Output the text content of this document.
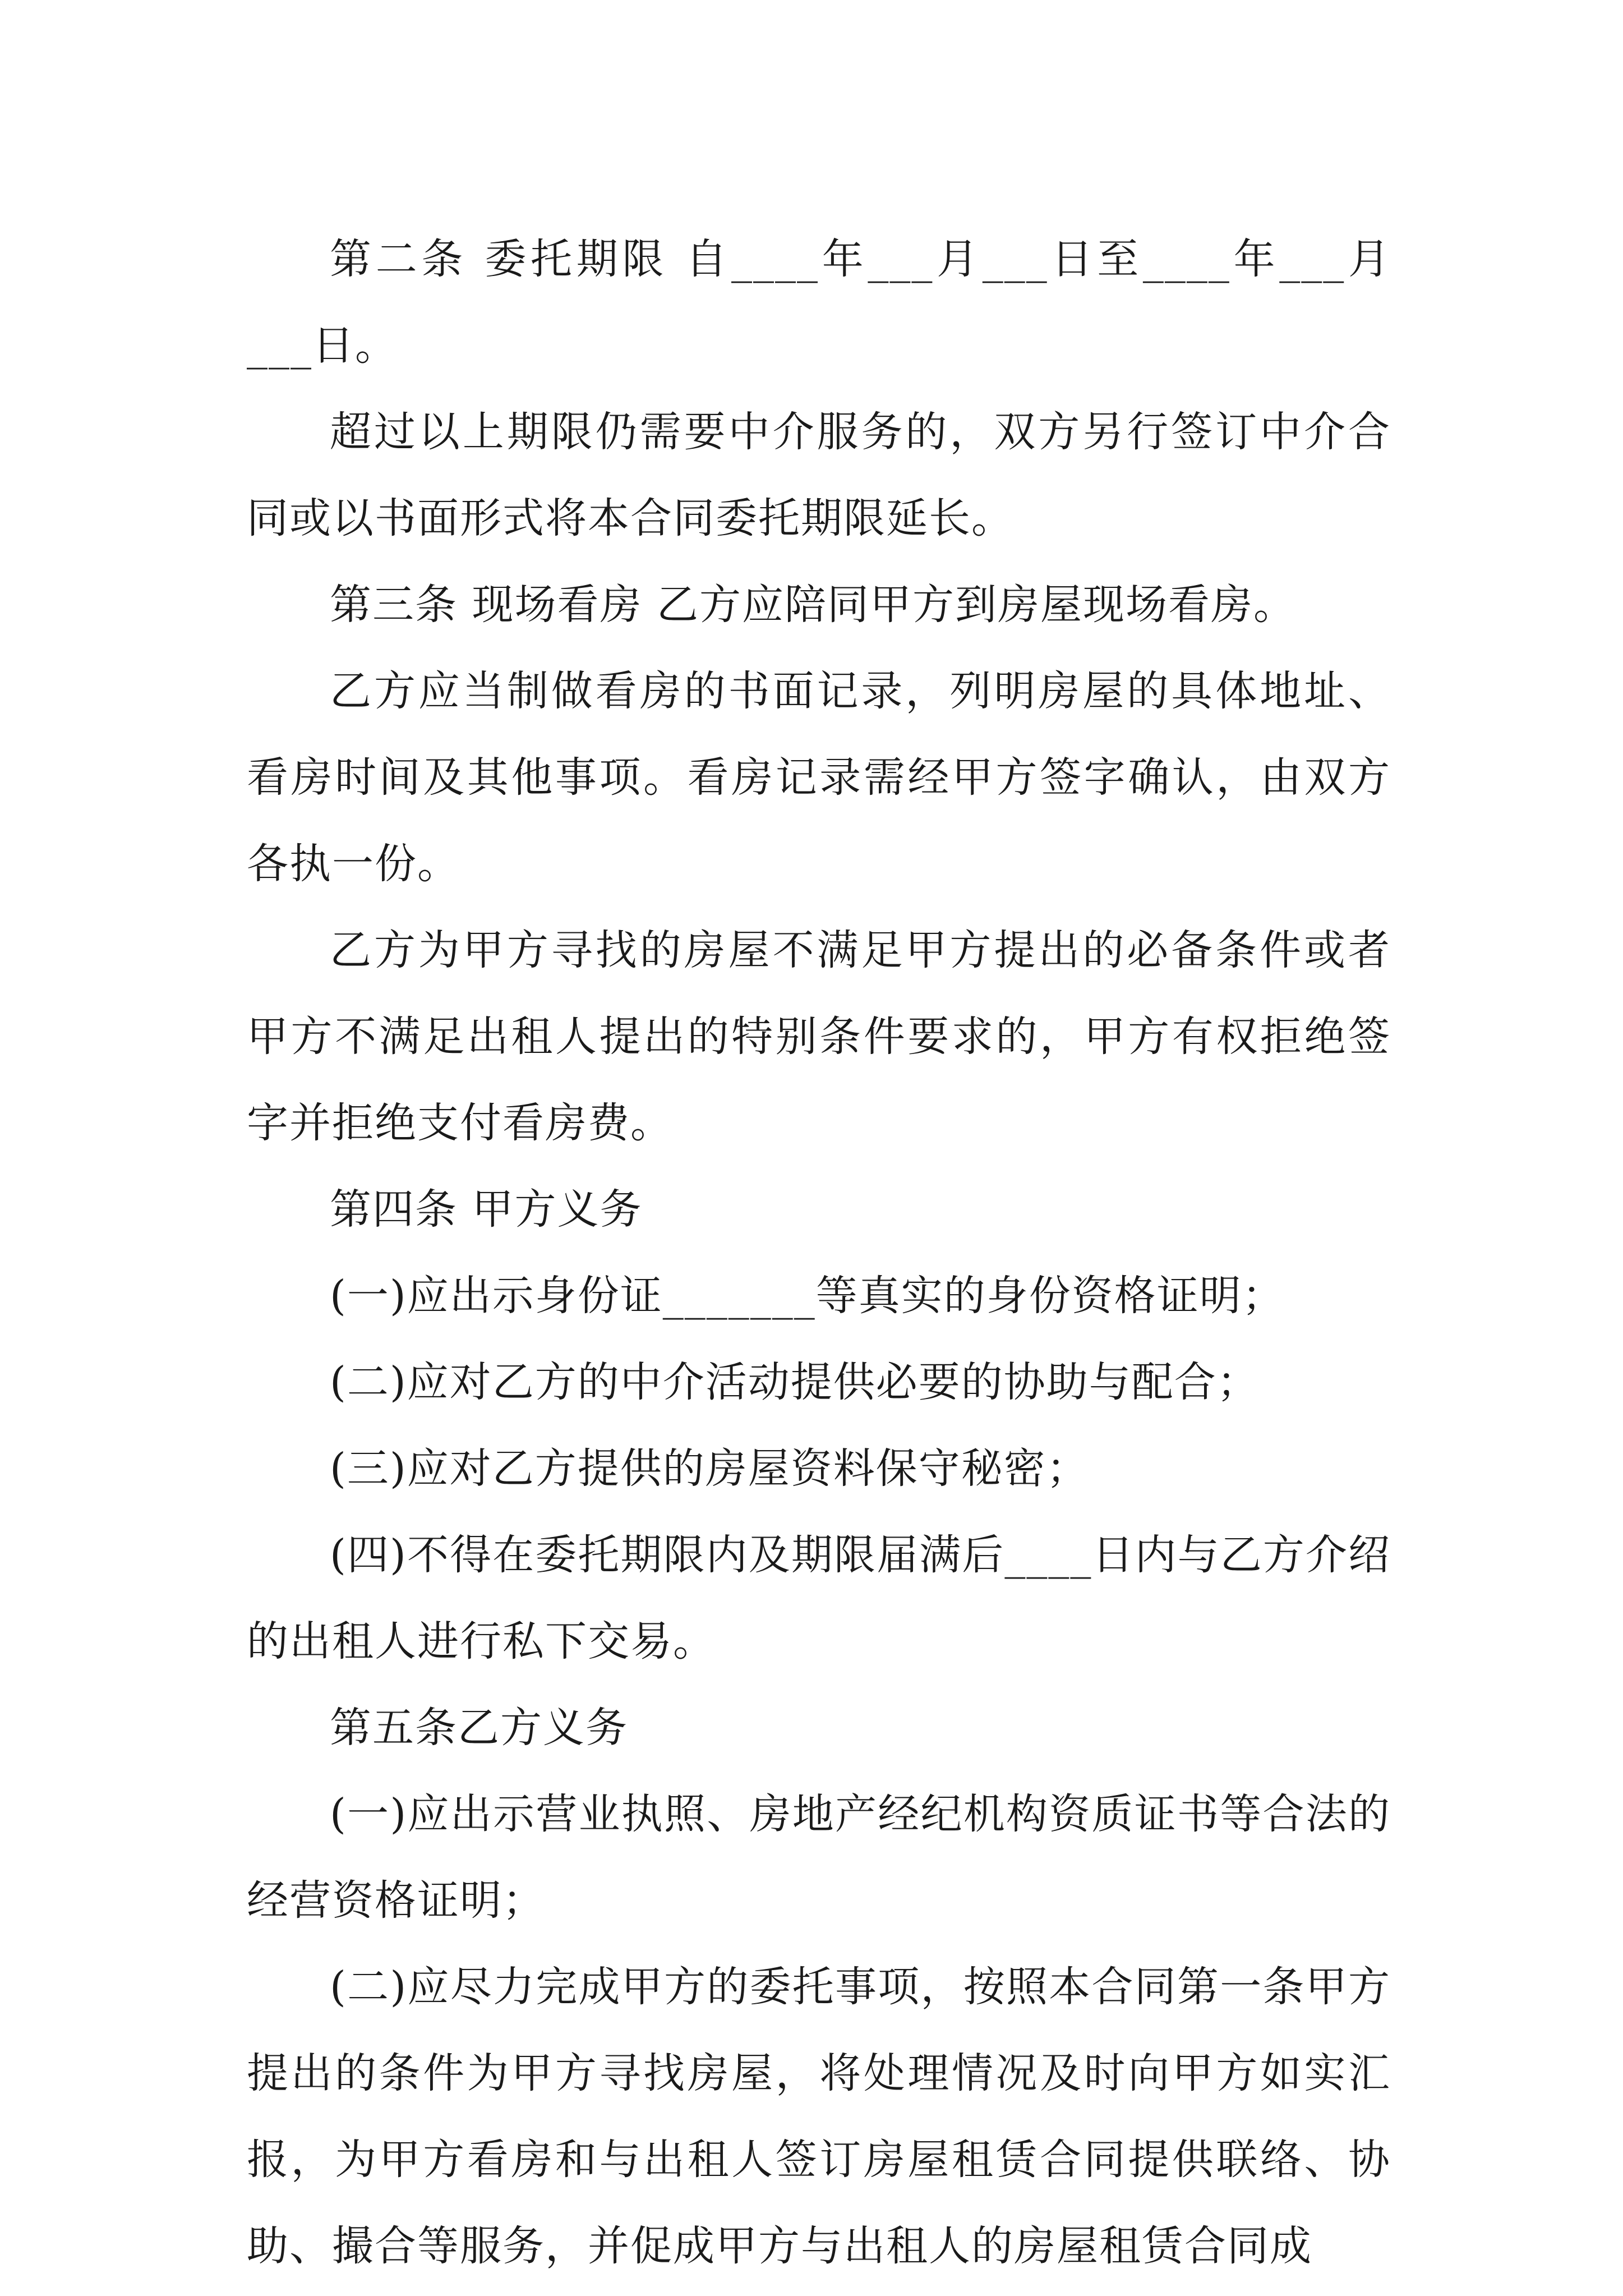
第二条 委托期限 自____年___月___日至____年___月___日。

超过以上期限仍需要中介服务的，双方另行签订中介合同或以书面形式将本合同委托期限延长。

第三条 现场看房 乙方应陪同甲方到房屋现场看房。

乙方应当制做看房的书面记录，列明房屋的具体地址、看房时间及其他事项。看房记录需经甲方签字确认，由双方各执一份。

乙方为甲方寻找的房屋不满足甲方提出的必备条件或者甲方不满足出租人提出的特别条件要求的，甲方有权拒绝签字并拒绝支付看房费。

第四条 甲方义务

(一)应出示身份证_______等真实的身份资格证明；

(二)应对乙方的中介活动提供必要的协助与配合；

(三)应对乙方提供的房屋资料保守秘密；

(四)不得在委托期限内及期限届满后____日内与乙方介绍的出租人进行私下交易。

第五条乙方义务

(一)应出示营业执照、房地产经纪机构资质证书等合法的经营资格证明；

(二)应尽力完成甲方的委托事项，按照本合同第一条甲方提出的条件为甲方寻找房屋，将处理情况及时向甲方如实汇报，为甲方看房和与出租人签订房屋租赁合同提供联络、协助、撮合等服务，并促成甲方与出租人的房屋租赁合同成
